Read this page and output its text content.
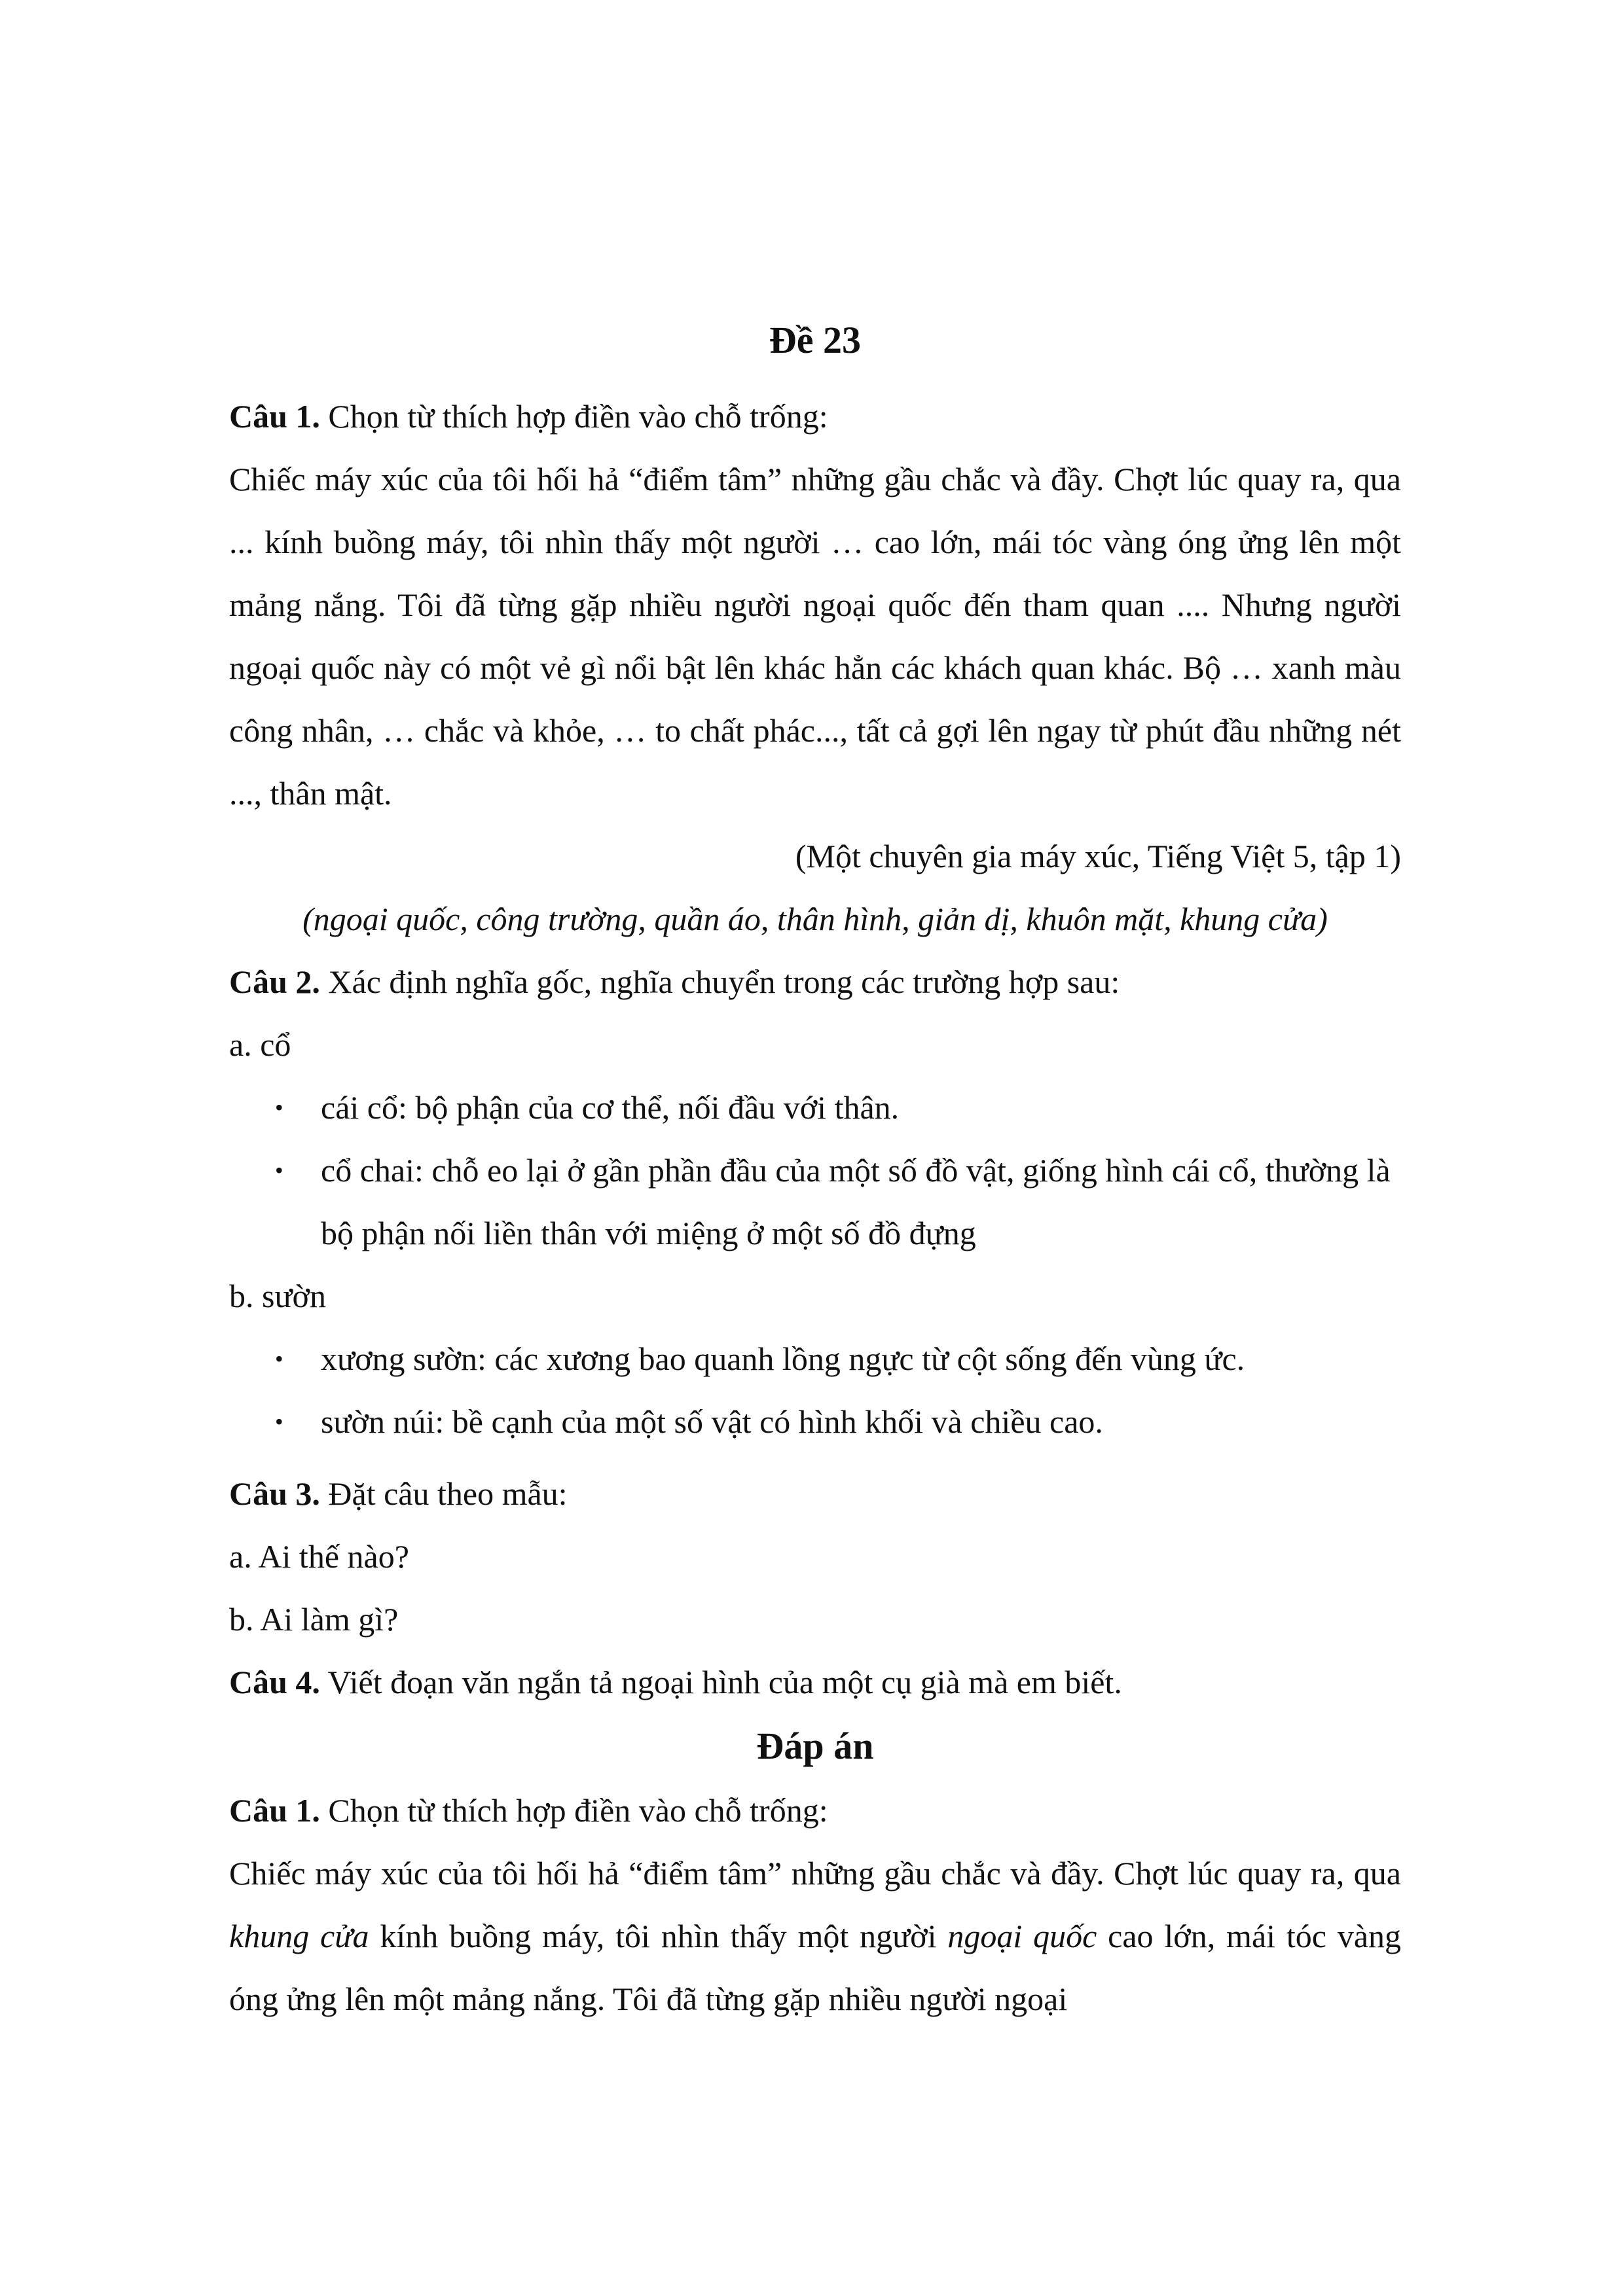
Đề 23

Câu 1. Chọn từ thích hợp điền vào chỗ trống:

Chiếc máy xúc của tôi hối hả “điểm tâm” những gầu chắc và đầy. Chợt lúc quay ra, qua ... kính buồng máy, tôi nhìn thấy một người … cao lớn, mái tóc vàng óng ửng lên một mảng nắng. Tôi đã từng gặp nhiều người ngoại quốc đến tham quan .... Nhưng người ngoại quốc này có một vẻ gì nổi bật lên khác hẳn các khách quan khác. Bộ … xanh màu công nhân, … chắc và khỏe, … to chất phác..., tất cả gợi lên ngay từ phút đầu những nét ..., thân mật.

(Một chuyên gia máy xúc, Tiếng Việt 5, tập 1)

(ngoại quốc, công trường, quần áo, thân hình, giản dị, khuôn mặt, khung cửa)

Câu 2. Xác định nghĩa gốc, nghĩa chuyển trong các trường hợp sau:

a. cổ

• cái cổ: bộ phận của cơ thể, nối đầu với thân.
• cổ chai: chỗ eo lại ở gần phần đầu của một số đồ vật, giống hình cái cổ, thường là bộ phận nối liền thân với miệng ở một số đồ đựng

b. sườn

• xương sườn: các xương bao quanh lồng ngực từ cột sống đến vùng ức.
• sườn núi: bề cạnh của một số vật có hình khối và chiều cao.

Câu 3. Đặt câu theo mẫu:

a. Ai thế nào?

b. Ai làm gì?

Câu 4. Viết đoạn văn ngắn tả ngoại hình của một cụ già mà em biết.

Đáp án

Câu 1. Chọn từ thích hợp điền vào chỗ trống:

Chiếc máy xúc của tôi hối hả “điểm tâm” những gầu chắc và đầy. Chợt lúc quay ra, qua khung cửa kính buồng máy, tôi nhìn thấy một người ngoại quốc cao lớn, mái tóc vàng óng ửng lên một mảng nắng. Tôi đã từng gặp nhiều người ngoại
